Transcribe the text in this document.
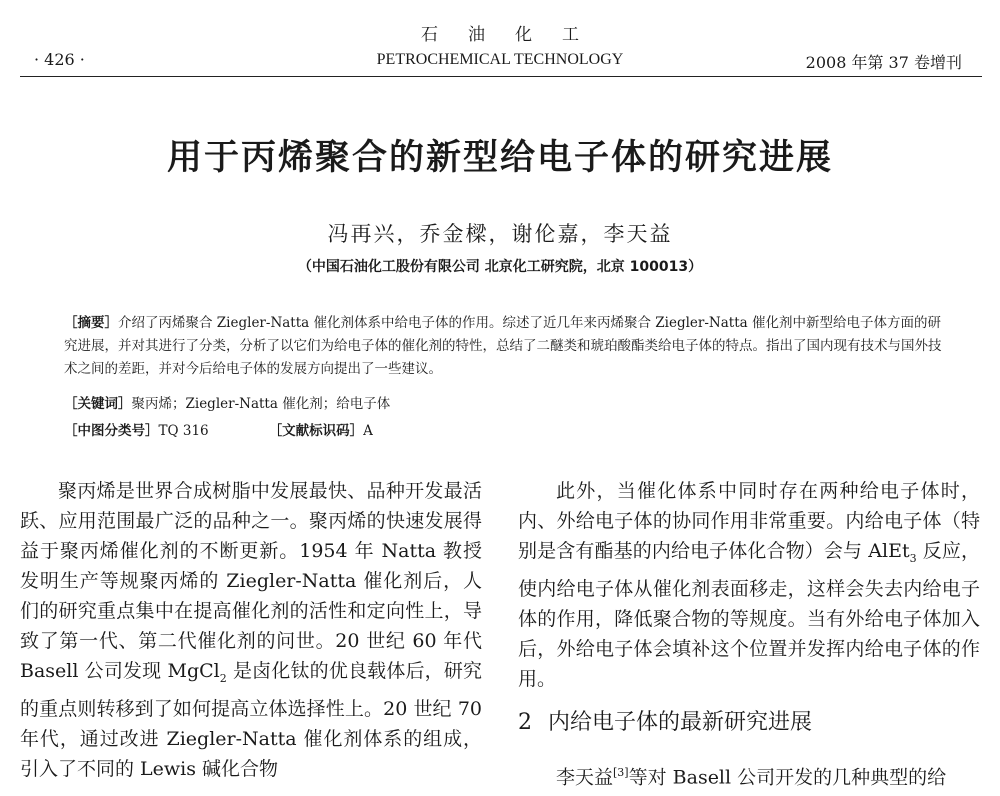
· 426 ·
石油化工
PETROCHEMICAL TECHNOLOGY	2008 年第 37 卷增刊
用于丙烯聚合的新型给电子体的研究进展
冯再兴，乔金樑，谢伦嘉，李天益
（中国石油化工股份有限公司 北京化工研究院，北京 100013）
［摘要］介绍了丙烯聚合 Ziegler-Natta 催化剂体系中给电子体的作用。综述了近几年来丙烯聚合 Ziegler-Natta 催化剂中新型给电子体方面的研究进展，并对其进行了分类，分析了以它们为给电子体的催化剂的特性，总结了二醚类和琥珀酸酯类给电子体的特点。指出了国内现有技术与国外技术之间的差距，并对今后给电子体的发展方向提出了一些建议。
［关键词］聚丙烯；Ziegler-Natta 催化剂；给电子体
［中图分类号］TQ 316	［文献标识码］A

聚丙烯是世界合成树脂中发展最快、品种开发最活跃、应用范围最广泛的品种之一。聚丙烯的快速发展得益于聚丙烯催化剂的不断更新。1954 年 Natta 教授发明生产等规聚丙烯的 Ziegler-Natta 催化剂后，人们的研究重点集中在提高催化剂的活性和定向性上，导致了第一代、第二代催化剂的问世。20 世纪 60 年代 Basell 公司发现 MgCl$_2$ 是卤化钛的优良载体后，研究的重点则转移到了如何提高立体选择性上。20 世纪 70 年代，通过改进 Ziegler-Natta 催化剂体系的组成，引入了不同的 Lewis 碱化合物

此外，当催化体系中同时存在两种给电子体时，内、外给电子体的协同作用非常重要。内给电子体（特别是含有酯基的内给电子体化合物）会与 AlEt$_3$ 反应，使内给电子体从催化剂表面移走，这样会失去内给电子体的作用，降低聚合物的等规度。当有外给电子体加入后，外给电子体会填补这个位置并发挥内给电子体的作用。

2 内给电子体的最新研究进展

李天益[3]等对 Basell 公司开发的几种典型的给
